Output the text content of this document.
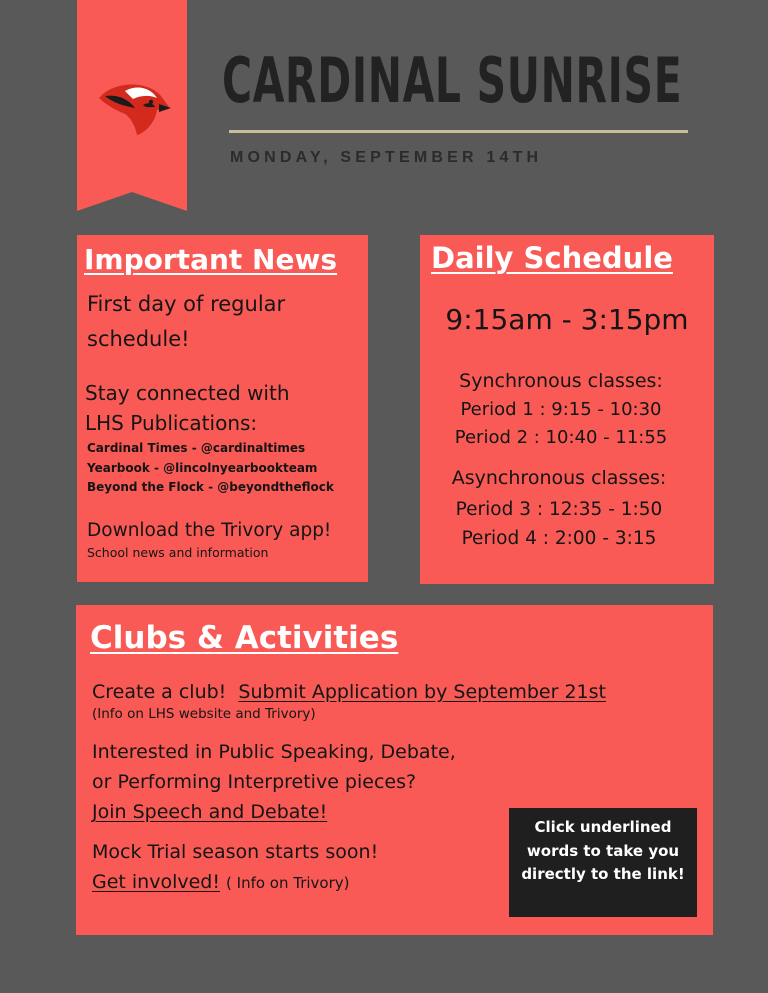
CARDINAL SUNRISE
MONDAY, SEPTEMBER 14TH
Important News
First day of regular
schedule!
Stay connected with
LHS Publications:
Cardinal Times - @cardinaltimes
Yearbook - @lincolnyearbookteam
Beyond the Flock - @beyondtheflock
Download the Trivory app!
School news and information
Daily Schedule
9:15am - 3:15pm
Synchronous classes:
Period 1 : 9:15 - 10:30
Period 2 : 10:40 - 11:55
Asynchronous classes:
Period 3 : 12:35 - 1:50
Period 4 : 2:00 - 3:15
Clubs & Activities
Create a club! Submit Application by September 21st
(Info on LHS website and Trivory)
Interested in Public Speaking, Debate,
or Performing Interpretive pieces?
Join Speech and Debate!
Mock Trial season starts soon!
Get involved! ( Info on Trivory)
Click underlined words to take you directly to the link!
